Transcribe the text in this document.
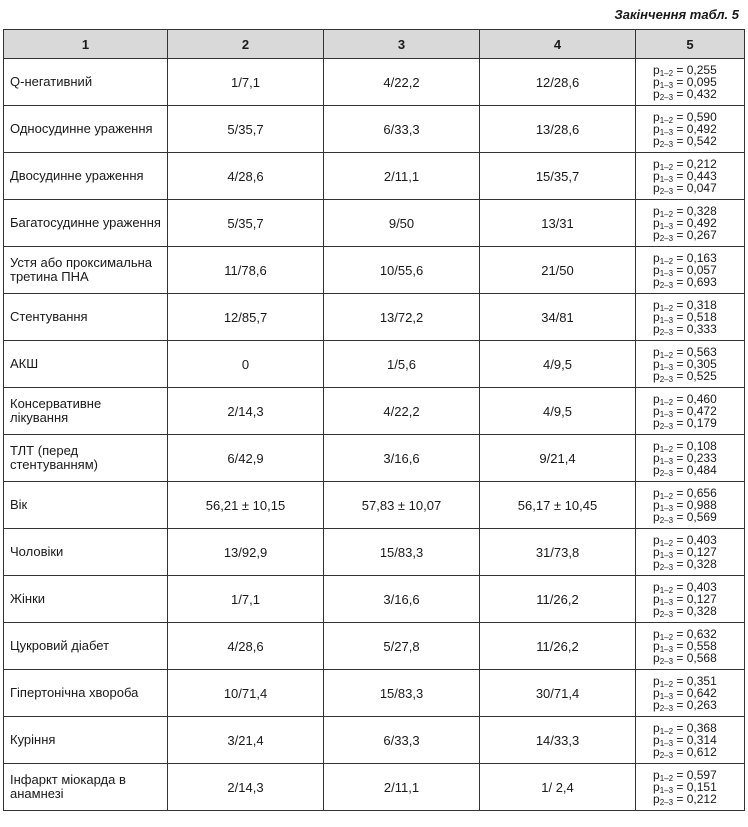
Закінчення табл. 5
1	2	3	4	5
Q-негативний	1/7,1	4/22,2	12/28,6	$p_{1-2} = 0,255$
$p_{1-3} = 0,095$
$p_{2-3} = 0,432$

Односудинне ураження	5/35,7	6/33,3	13/28,6	$p_{1-2} = 0,590$
$p_{1-3} = 0,492$
$p_{2-3} = 0,542$

Двосудинне ураження	4/28,6	2/11,1	15/35,7	$p_{1-2} = 0,212$
$p_{1-3} = 0,443$
$p_{2-3} = 0,047$

Багатосудинне ураження	5/35,7	9/50	13/31	$p_{1-2} = 0,328$
$p_{1-3} = 0,492$
$p_{2-3} = 0,267$

Устя або проксимальна третина ПНА	11/78,6	10/55,6	21/50	$p_{1-2} = 0,163$
$p_{1-3} = 0,057$
$p_{2-3} = 0,693$

Стентування	12/85,7	13/72,2	34/81	$p_{1-2} = 0,318$
$p_{1-3} = 0,518$
$p_{2-3} = 0,333$

АКШ	0	1/5,6	4/9,5	$p_{1-2} = 0,563$
$p_{1-3} = 0,305$
$p_{2-3} = 0,525$

Консервативне лікування	2/14,3	4/22,2	4/9,5	$p_{1-2} = 0,460$
$p_{1-3} = 0,472$
$p_{2-3} = 0,179$

ТЛТ (перед стентуванням)	6/42,9	3/16,6	9/21,4	$p_{1-2} = 0,108$
$p_{1-3} = 0,233$
$p_{2-3} = 0,484$

Вік	56,21 ± 10,15	57,83 ± 10,07	56,17 ± 10,45	$p_{1-2} = 0,656$
$p_{1-3} = 0,988$
$p_{2-3} = 0,569$

Чоловіки	13/92,9	15/83,3	31/73,8	$p_{1-2} = 0,403$
$p_{1-3} = 0,127$
$p_{2-3} = 0,328$

Жінки	1/7,1	3/16,6	11/26,2	$p_{1-2} = 0,403$
$p_{1-3} = 0,127$
$p_{2-3} = 0,328$

Цукровий діабет	4/28,6	5/27,8	11/26,2	$p_{1-2} = 0,632$
$p_{1-3} = 0,558$
$p_{2-3} = 0,568$

Гіпертонічна хвороба	10/71,4	15/83,3	30/71,4	$p_{1-2} = 0,351$
$p_{1-3} = 0,642$
$p_{2-3} = 0,263$

Куріння	3/21,4	6/33,3	14/33,3	$p_{1-2} = 0,368$
$p_{1-3} = 0,314$
$p_{2-3} = 0,612$

Інфаркт міокарда в анамнезі	2/14,3	2/11,1	1/ 2,4	$p_{1-2} = 0,597$
$p_{1-3} = 0,151$
$p_{2-3} = 0,212$
